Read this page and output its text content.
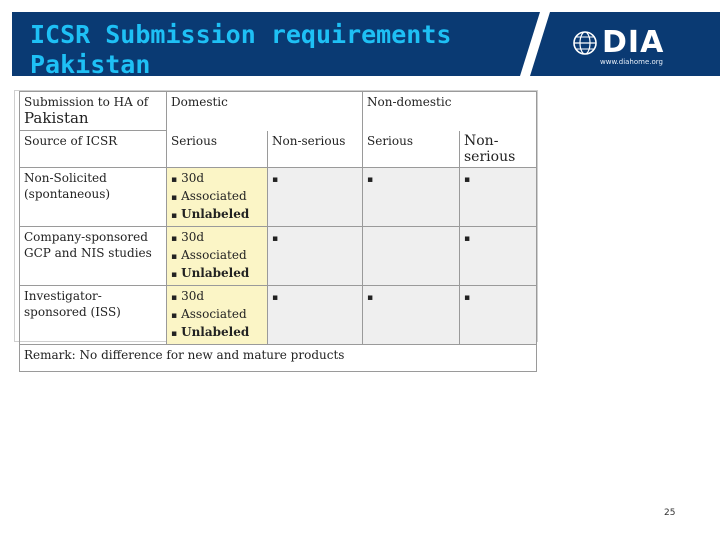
ICSR Submission requirements
Pakistan

DIA

www.diahome.org
Submission to HA of
Pakistan	Domestic		Non-domestic	
Source of ICSR	Serious	Non-serious	Serious	Non-serious
Non-Solicited (spontaneous)	▪ 30d
▪ Associated
▪ Unlabeled	▪	▪	▪
Company-sponsored GCP and NIS studies	▪ 30d
▪ Associated
▪ Unlabeled	▪		▪
Investigator-sponsored (ISS)	▪ 30d
▪ Associated
▪ Unlabeled	▪	▪	▪
Remark: No difference for new and mature products				
25
